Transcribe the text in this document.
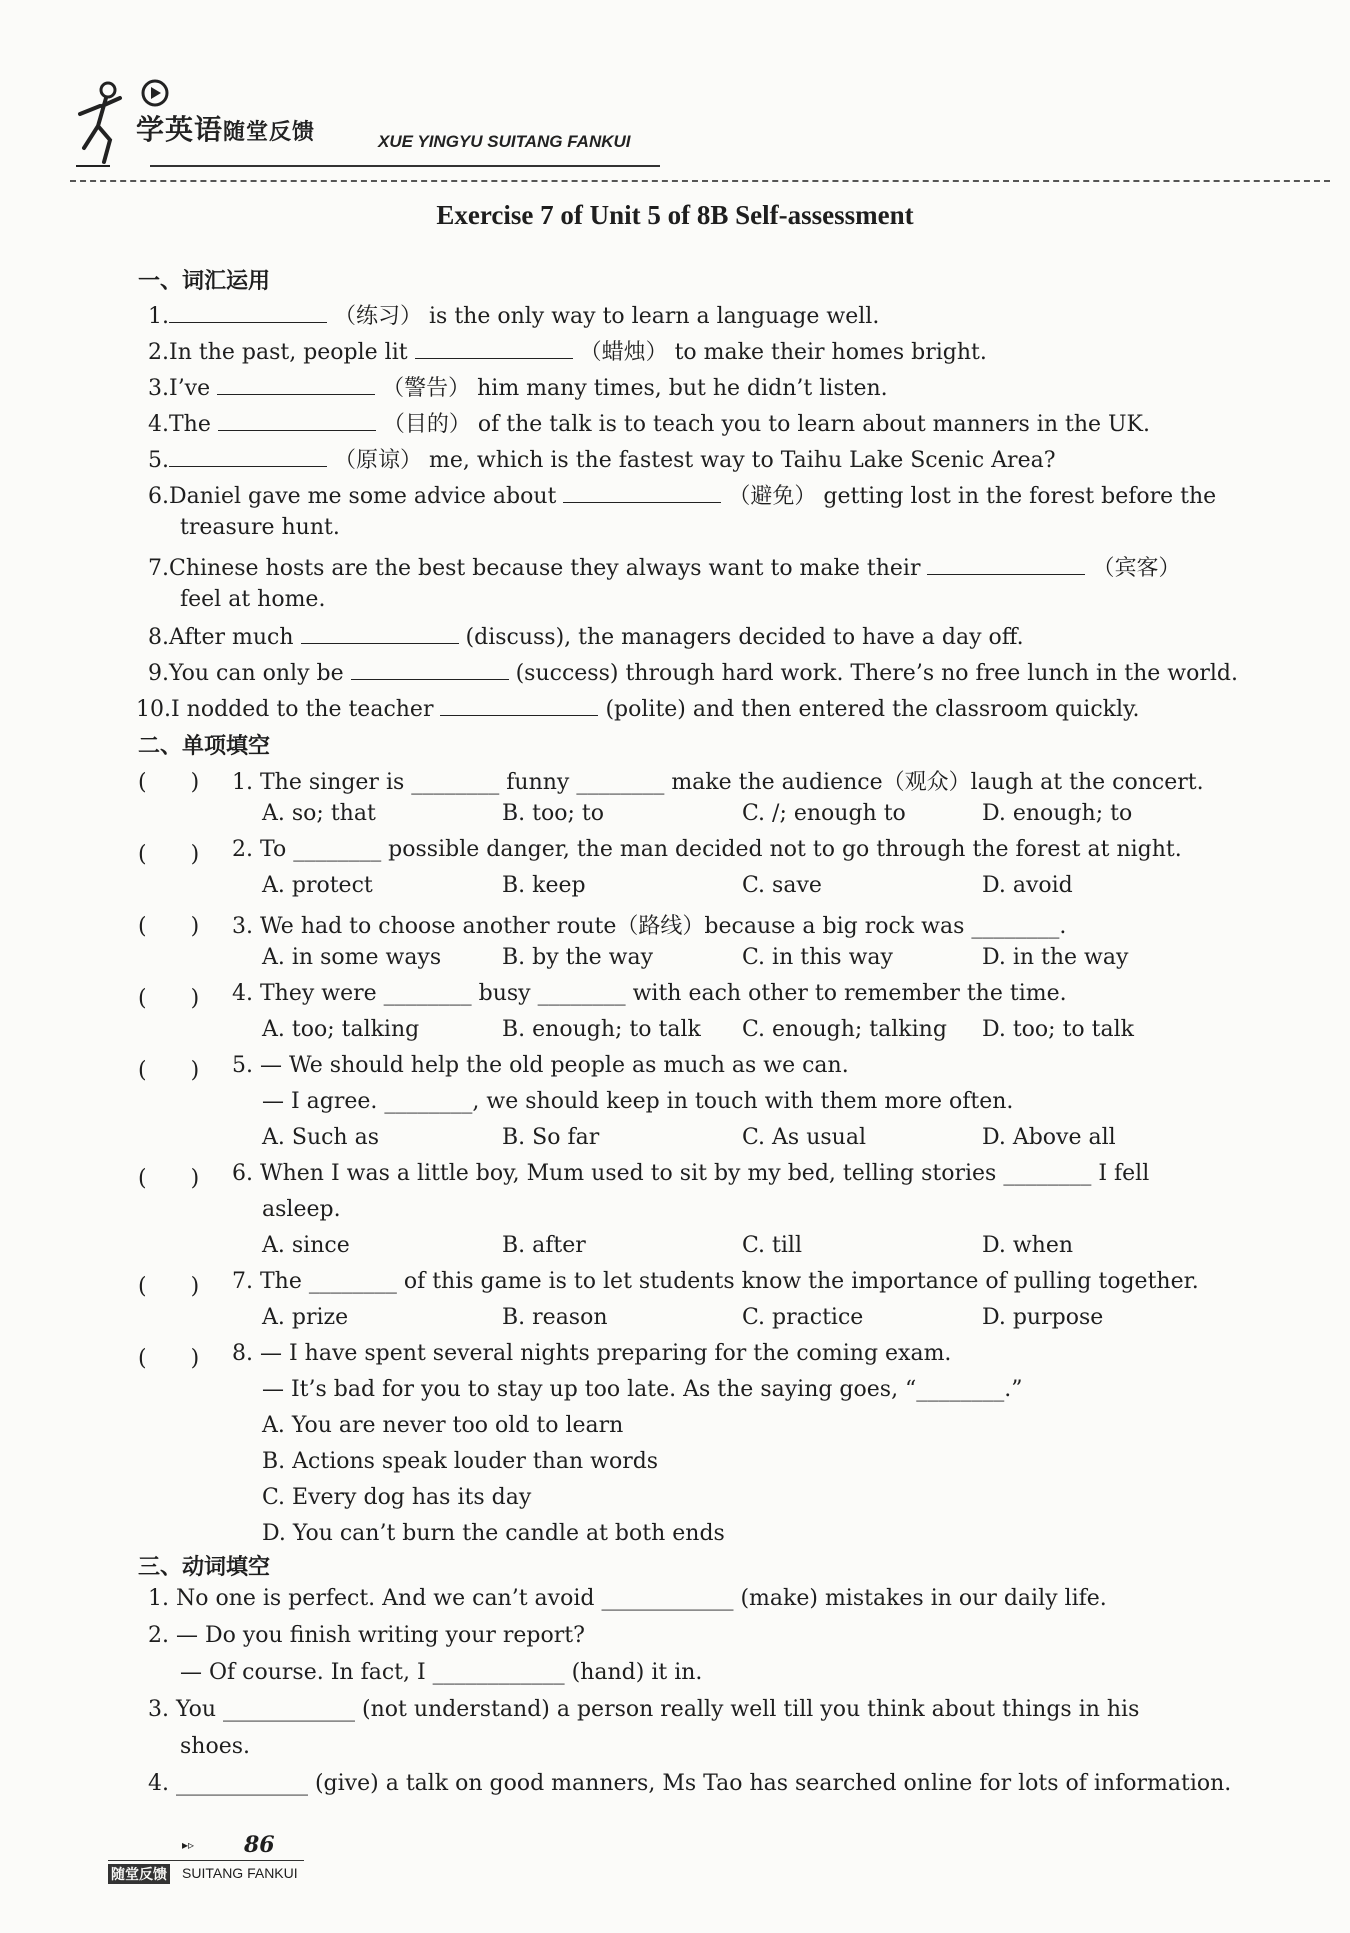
学英语随堂反馈	XUE YINGYU SUITANG FANKUI
Exercise 7 of Unit 5 of 8B Self-assessment
一、词汇运用
1.	（练习） is the only way to learn a language well.
2.In the past, people lit	（蜡烛） to make their homes bright.
3.I’ve	（警告） him many times, but he didn’t listen.
4.The	（目的） of the talk is to teach you to learn about manners in the UK.
5.	（原谅） me, which is the fastest way to Taihu Lake Scenic Area?
6.Daniel gave me some advice about	（避免） getting lost in the forest before the
treasure hunt.
7.Chinese hosts are the best because they always want to make their	（宾客）
feel at home.
8.After much	(discuss), the managers decided to have a day off.
9.You can only be	(success) through hard work. There’s no free lunch in the world.
10.I nodded to the teacher	(polite) and then entered the classroom quickly.
二、单项填空
(　　) 1. The singer is ________ funny ________ make the audience（观众）laugh at the concert.
A. so; that	B. too; to	C. /; enough to	D. enough; to
(　　) 2. To ________ possible danger, the man decided not to go through the forest at night.
A. protect	B. keep	C. save	D. avoid
(　　) 3. We had to choose another route（路线）because a big rock was ________.
A. in some ways	B. by the way	C. in this way	D. in the way
(　　) 4. They were ________ busy ________ with each other to remember the time.
A. too; talking	B. enough; to talk C. enough; talking D. too; to talk
(　　) 5. — We should help the old people as much as we can.
— I agree. ________, we should keep in touch with them more often.
A. Such as	B. So far	C. As usual	D. Above all
(　　) 6. When I was a little boy, Mum used to sit by my bed, telling stories ________ I fell
asleep.
A. since	B. after	C. till	D. when
(　　) 7. The ________ of this game is to let students know the importance of pulling together.
A. prize	B. reason	C. practice	D. purpose
(　　) 8. — I have spent several nights preparing for the coming exam.
— It’s bad for you to stay up too late. As the saying goes, “________.”
A. You are never too old to learn
B. Actions speak louder than words
C. Every dog has its day
D. You can’t burn the candle at both ends
三、动词填空
1. No one is perfect. And we can’t avoid ____________ (make) mistakes in our daily life.
2. — Do you finish writing your report?
— Of course. In fact, I ____________ (hand) it in.
3. You ____________ (not understand) a person really well till you think about things in his
shoes.
4. ____________ (give) a talk on good manners, Ms Tao has searched online for lots of information.
▸▹ 86
随堂反馈 SUITANG FANKUI
